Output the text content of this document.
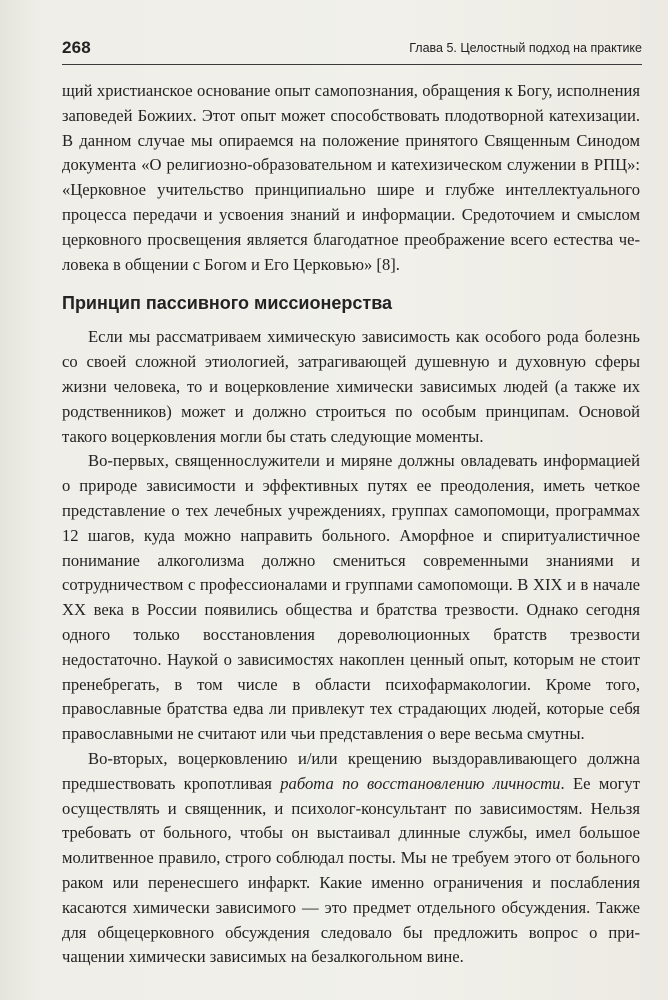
268	Глава 5. Целостный подход на практике

щий христианское основание опыт самопознания, обращения к Богу, исполнения заповедей Божиих. Этот опыт может способствовать плодотворной катехизации. В данном случае мы опираемся на положение принятого Священным Синодом документа «О религиозно-образовательном и катехизическом служении в РПЦ»: «Церковное учительство принципиально шире и глубже интеллектуального процесса передачи и усвоения знаний и информации. Средоточием и смыслом церковного просвещения является благодатное преображение всего естества человека в общении с Богом и Его Церковью» [8].

Принцип пассивного миссионерства

Если мы рассматриваем химическую зависимость как особого рода болезнь со своей сложной этиологией, затрагивающей душевную и духовную сферы жизни человека, то и воцерковление химически зависимых людей (а также их родственников) может и должно строиться по особым принципам. Основой такого воцерковления могли бы стать следующие моменты.

Во-первых, священнослужители и миряне должны овладевать информацией о природе зависимости и эффективных путях ее преодоления, иметь четкое представление о тех лечебных учреждениях, группах самопомощи, программах 12 шагов, куда можно направить больного. Аморфное и спиритуалистичное понимание алкоголизма должно смениться современными знаниями и сотрудничеством с профессионалами и группами самопомощи. В XIX и в начале XX века в России появились общества и братства трезвости. Однако сегодня одного только восстановления дореволюционных братств трезвости недостаточно. Наукой о зависимостях накоплен ценный опыт, которым не стоит пренебрегать, в том числе в области психофармакологии. Кроме того, православные братства едва ли привлекут тех страдающих людей, которые себя православными не считают или чьи представления о вере весьма смутны.

Во-вторых, воцерковлению и/или крещению выздоравливающего должна предшествовать кропотливая работа по восстановлению личности. Ее могут осуществлять и священник, и психолог-консультант по зависимостям. Нельзя требовать от больного, чтобы он выстаивал длинные службы, имел большое молитвенное правило, строго соблюдал посты. Мы не требуем этого от больного раком или перенесшего инфаркт. Какие именно ограничения и послабления касаются химически зависимого — это предмет отдельного обсуждения. Также для общецерковного обсуждения следовало бы предложить вопрос о причащении химически зависимых на безалкогольном вине.
